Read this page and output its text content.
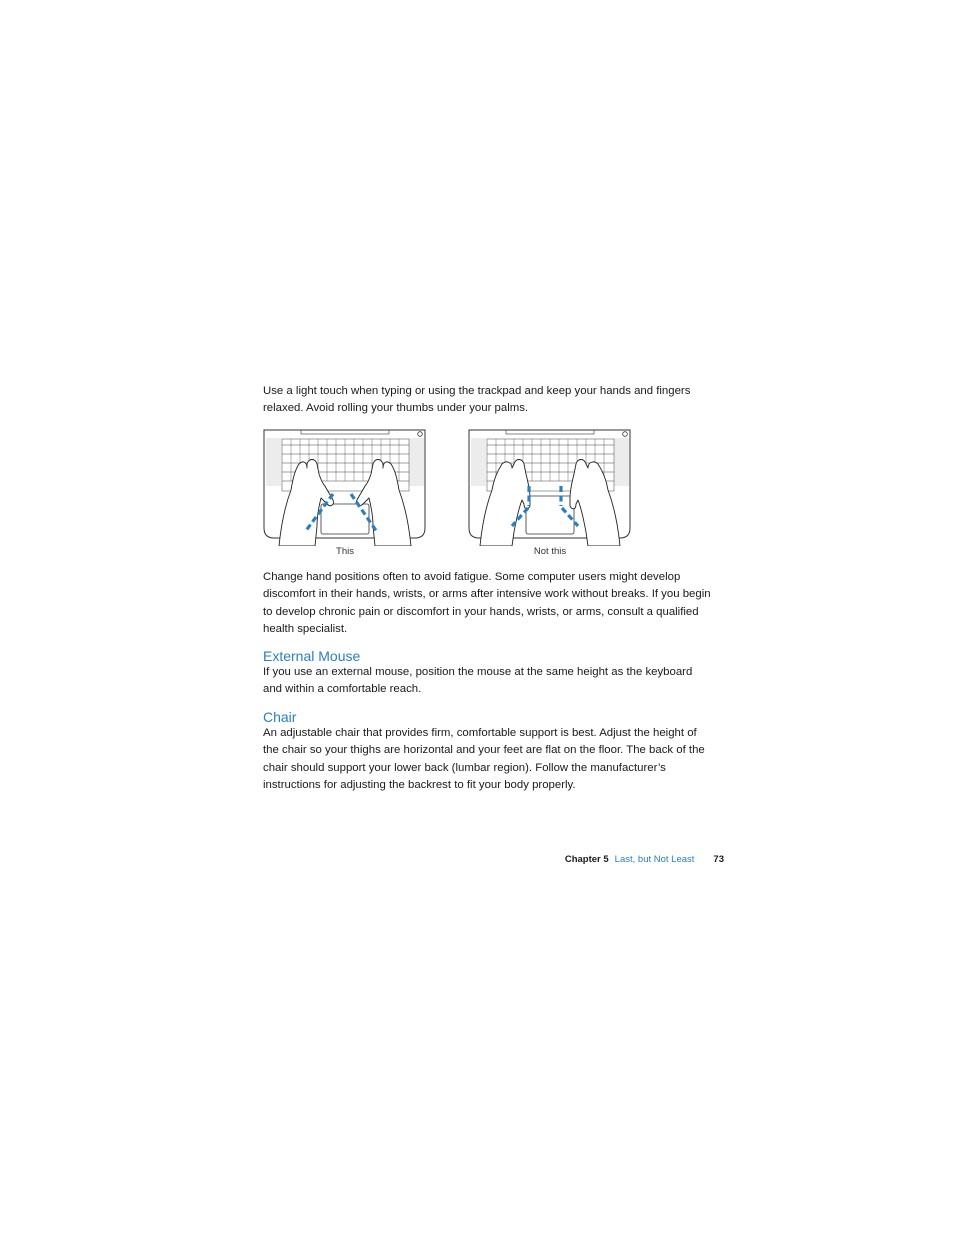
Use a light touch when typing or using the trackpad and keep your hands and fingers relaxed. Avoid rolling your thumbs under your palms.

This	Not this

Change hand positions often to avoid fatigue. Some computer users might develop discomfort in their hands, wrists, or arms after intensive work without breaks. If you begin to develop chronic pain or discomfort in your hands, wrists, or arms, consult a qualified health specialist.

External Mouse

If you use an external mouse, position the mouse at the same height as the keyboard and within a comfortable reach.

Chair

An adjustable chair that provides firm, comfortable support is best. Adjust the height of the chair so your thighs are horizontal and your feet are flat on the floor. The back of the chair should support your lower back (lumbar region). Follow the manufacturer’s instructions for adjusting the backrest to fit your body properly.

Chapter 5 Last, but Not Least 73
